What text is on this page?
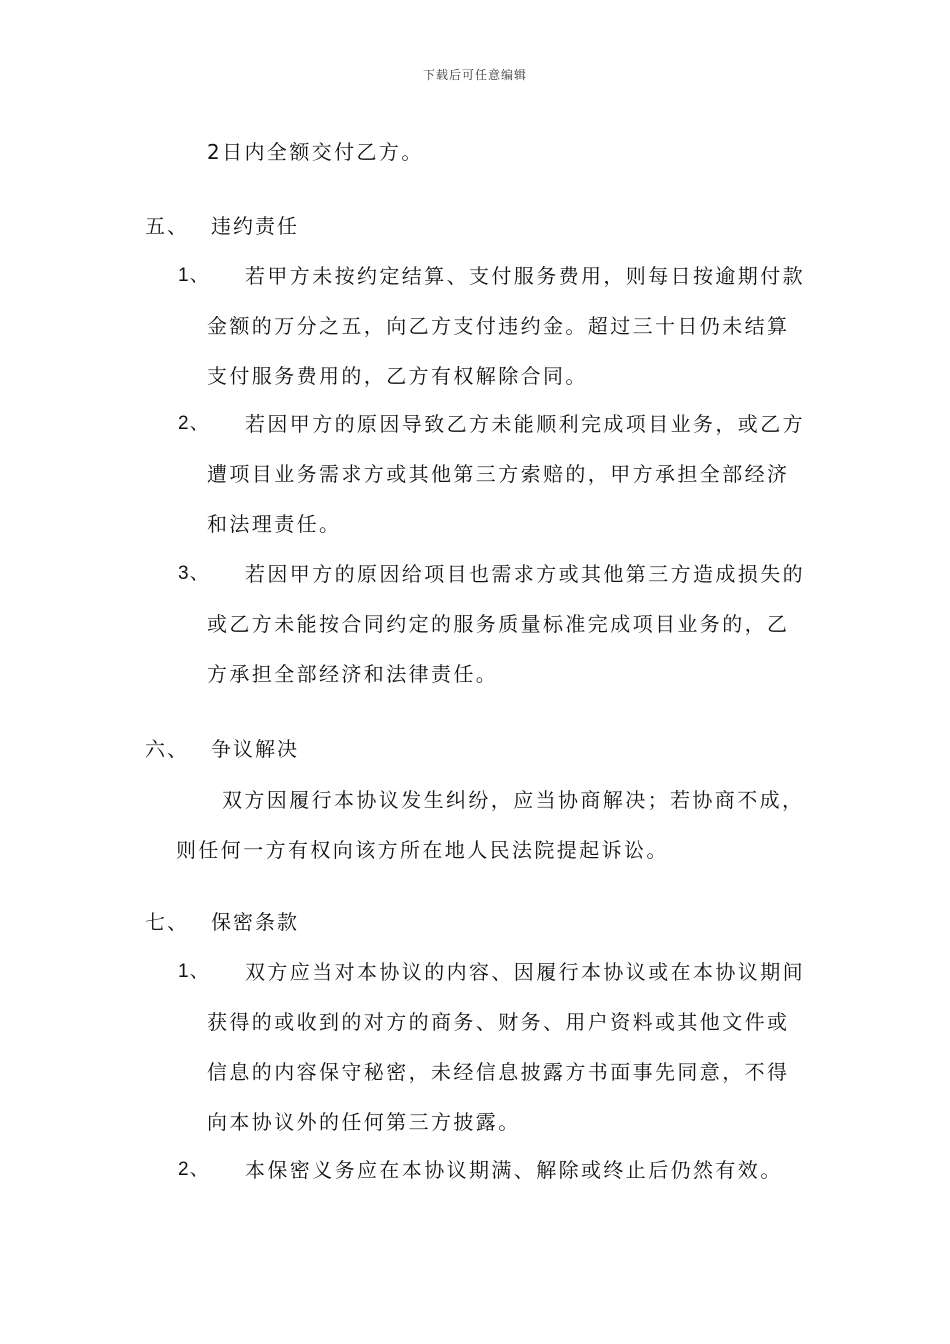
下载后可任意编辑
2日内全额交付乙方。
五、 违约责任
1、 若甲方未按约定结算、支付服务费用，则每日按逾期付款
金额的万分之五，向乙方支付违约金。超过三十日仍未结算
支付服务费用的，乙方有权解除合同。
2、 若因甲方的原因导致乙方未能顺利完成项目业务，或乙方
遭项目业务需求方或其他第三方索赔的，甲方承担全部经济
和法理责任。
3、 若因甲方的原因给项目也需求方或其他第三方造成损失的
或乙方未能按合同约定的服务质量标准完成项目业务的，乙
方承担全部经济和法律责任。
六、 争议解决
双方因履行本协议发生纠纷，应当协商解决；若协商不成，
则任何一方有权向该方所在地人民法院提起诉讼。
七、 保密条款
1、 双方应当对本协议的内容、因履行本协议或在本协议期间
获得的或收到的对方的商务、财务、用户资料或其他文件或
信息的内容保守秘密，未经信息披露方书面事先同意，不得
向本协议外的任何第三方披露。
2、 本保密义务应在本协议期满、解除或终止后仍然有效。
